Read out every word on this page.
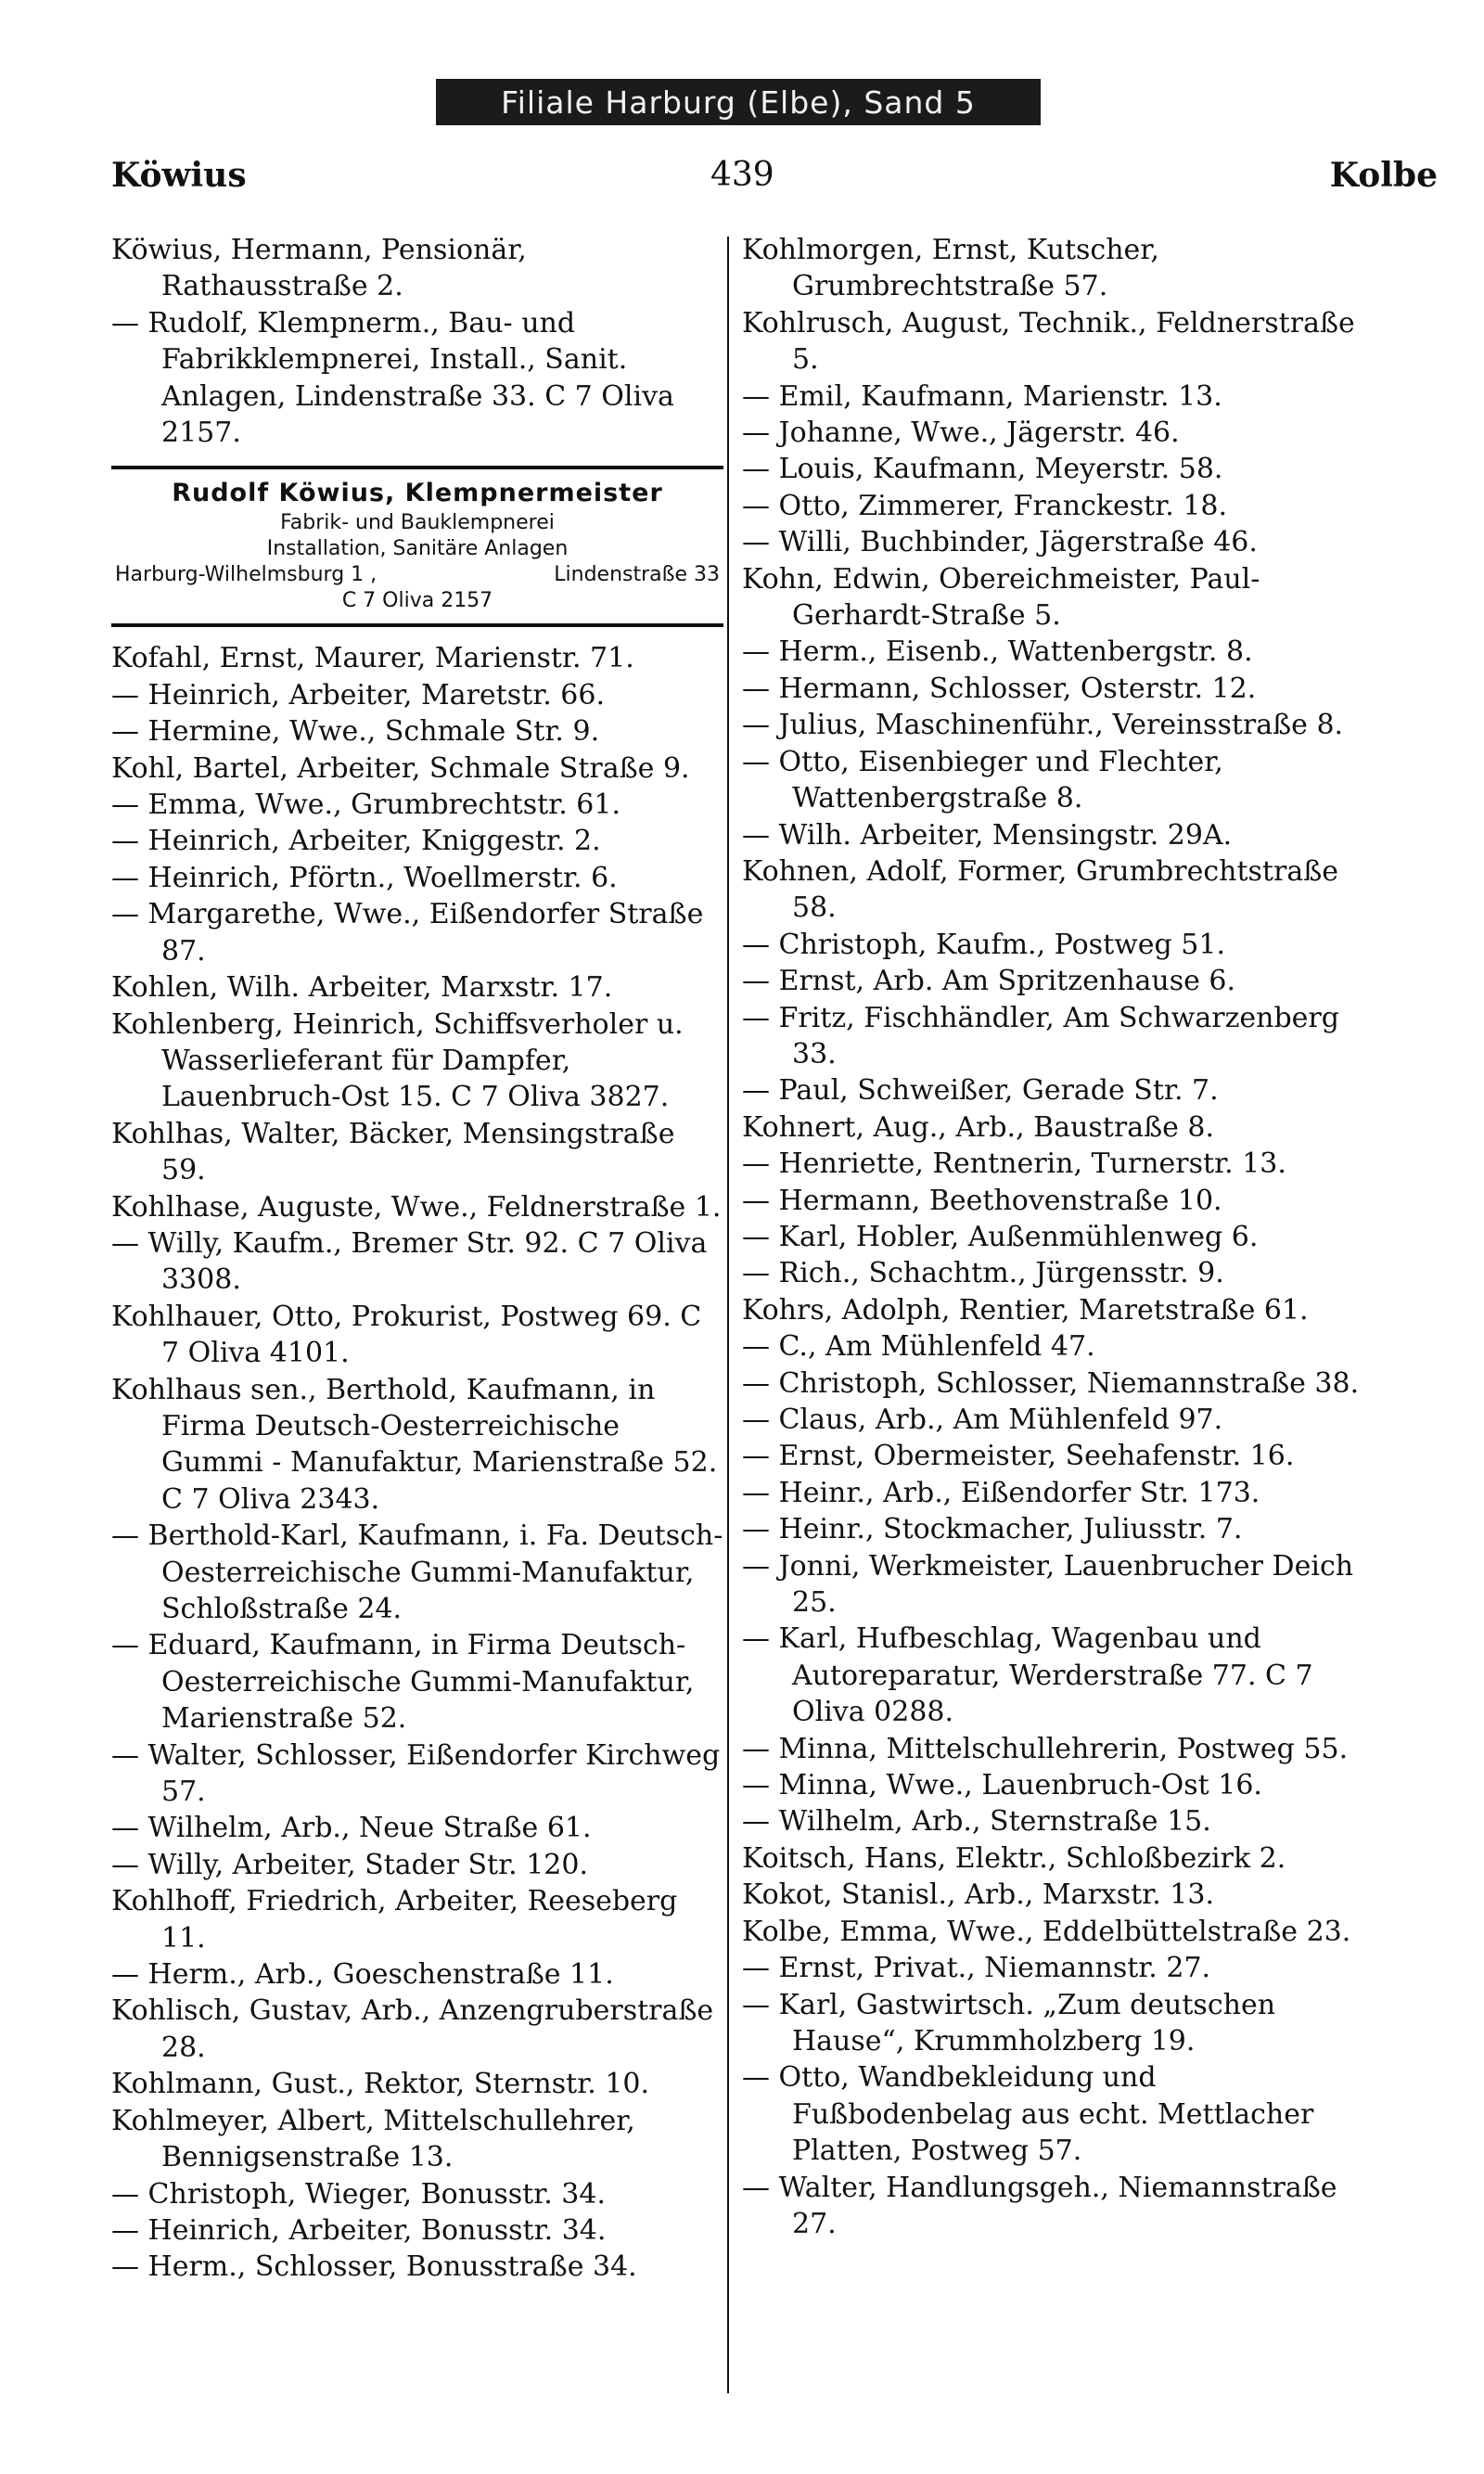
Filiale Harburg (Elbe), Sand 5
Köwius	439	Kolbe

Köwius, Hermann, Pensionär, Rathausstraße 2.

— Rudolf, Klempnerm., Bau- und Fabrikklempnerei, Install., Sanit. Anlagen, Lindenstraße 33. C 7 Oliva 2157.

Rudolf Köwius, Klempnermeister
Fabrik- und Bauklempnerei
Installation, Sanitäre Anlagen
Harburg-Wilhelmsburg 1 ,	Lindenstraße 33
C 7 Oliva 2157

Kofahl, Ernst, Maurer, Marienstr. 71.

— Heinrich, Arbeiter, Maretstr. 66.

— Hermine, Wwe., Schmale Str. 9.

Kohl, Bartel, Arbeiter, Schmale Straße 9.

— Emma, Wwe., Grumbrechtstr. 61.

— Heinrich, Arbeiter, Kniggestr. 2.

— Heinrich, Pförtn., Woellmerstr. 6.

— Margarethe, Wwe., Eißendorfer Straße 87.

Kohlen, Wilh. Arbeiter, Marxstr. 17.

Kohlenberg, Heinrich, Schiffsverholer u. Wasserlieferant für Dampfer, Lauenbruch-Ost 15. C 7 Oliva 3827.

Kohlhas, Walter, Bäcker, Mensingstraße 59.

Kohlhase, Auguste, Wwe., Feldnerstraße 1.

— Willy, Kaufm., Bremer Str. 92. C 7 Oliva 3308.

Kohlhauer, Otto, Prokurist, Postweg 69. C 7 Oliva 4101.

Kohlhaus sen., Berthold, Kaufmann, in Firma Deutsch-Oesterreichische Gummi - Manufaktur, Marienstraße 52. C 7 Oliva 2343.

— Berthold-Karl, Kaufmann, i. Fa. Deutsch-Oesterreichische Gummi-Manufaktur, Schloßstraße 24.

— Eduard, Kaufmann, in Firma Deutsch-Oesterreichische Gummi-Manufaktur, Marienstraße 52.

— Walter, Schlosser, Eißendorfer Kirchweg 57.

— Wilhelm, Arb., Neue Straße 61.

— Willy, Arbeiter, Stader Str. 120.

Kohlhoff, Friedrich, Arbeiter, Reeseberg 11.

— Herm., Arb., Goeschenstraße 11.

Kohlisch, Gustav, Arb., Anzengruberstraße 28.

Kohlmann, Gust., Rektor, Sternstr. 10.

Kohlmeyer, Albert, Mittelschullehrer, Bennigsenstraße 13.

— Christoph, Wieger, Bonusstr. 34.

— Heinrich, Arbeiter, Bonusstr. 34.

— Herm., Schlosser, Bonusstraße 34.

Kohlmorgen, Ernst, Kutscher, Grumbrechtstraße 57.

Kohlrusch, August, Technik., Feldnerstraße 5.

— Emil, Kaufmann, Marienstr. 13.

— Johanne, Wwe., Jägerstr. 46.

— Louis, Kaufmann, Meyerstr. 58.

— Otto, Zimmerer, Franckestr. 18.

— Willi, Buchbinder, Jägerstraße 46.

Kohn, Edwin, Obereichmeister, Paul-Gerhardt-Straße 5.

— Herm., Eisenb., Wattenbergstr. 8.

— Hermann, Schlosser, Osterstr. 12.

— Julius, Maschinenführ., Vereinsstraße 8.

— Otto, Eisenbieger und Flechter, Wattenbergstraße 8.

— Wilh. Arbeiter, Mensingstr. 29A.

Kohnen, Adolf, Former, Grumbrechtstraße 58.

— Christoph, Kaufm., Postweg 51.

— Ernst, Arb. Am Spritzenhause 6.

— Fritz, Fischhändler, Am Schwarzenberg 33.

— Paul, Schweißer, Gerade Str. 7.

Kohnert, Aug., Arb., Baustraße 8.

— Henriette, Rentnerin, Turnerstr. 13.

— Hermann, Beethovenstraße 10.

— Karl, Hobler, Außenmühlenweg 6.

— Rich., Schachtm., Jürgensstr. 9.

Kohrs, Adolph, Rentier, Maretstraße 61.

— C., Am Mühlenfeld 47.

— Christoph, Schlosser, Niemannstraße 38.

— Claus, Arb., Am Mühlenfeld 97.

— Ernst, Obermeister, Seehafenstr. 16.

— Heinr., Arb., Eißendorfer Str. 173.

— Heinr., Stockmacher, Juliusstr. 7.

— Jonni, Werkmeister, Lauenbrucher Deich 25.

— Karl, Hufbeschlag, Wagenbau und Autoreparatur, Werderstraße 77. C 7 Oliva 0288.

— Minna, Mittelschullehrerin, Postweg 55.

— Minna, Wwe., Lauenbruch-Ost 16.

— Wilhelm, Arb., Sternstraße 15.

Koitsch, Hans, Elektr., Schloßbezirk 2.

Kokot, Stanisl., Arb., Marxstr. 13.

Kolbe, Emma, Wwe., Eddelbüttelstraße 23.

— Ernst, Privat., Niemannstr. 27.

— Karl, Gastwirtsch. „Zum deutschen Hause“, Krummholzberg 19.

— Otto, Wandbekleidung und Fußbodenbelag aus echt. Mettlacher Platten, Postweg 57.

— Walter, Handlungsgeh., Niemannstraße 27.
